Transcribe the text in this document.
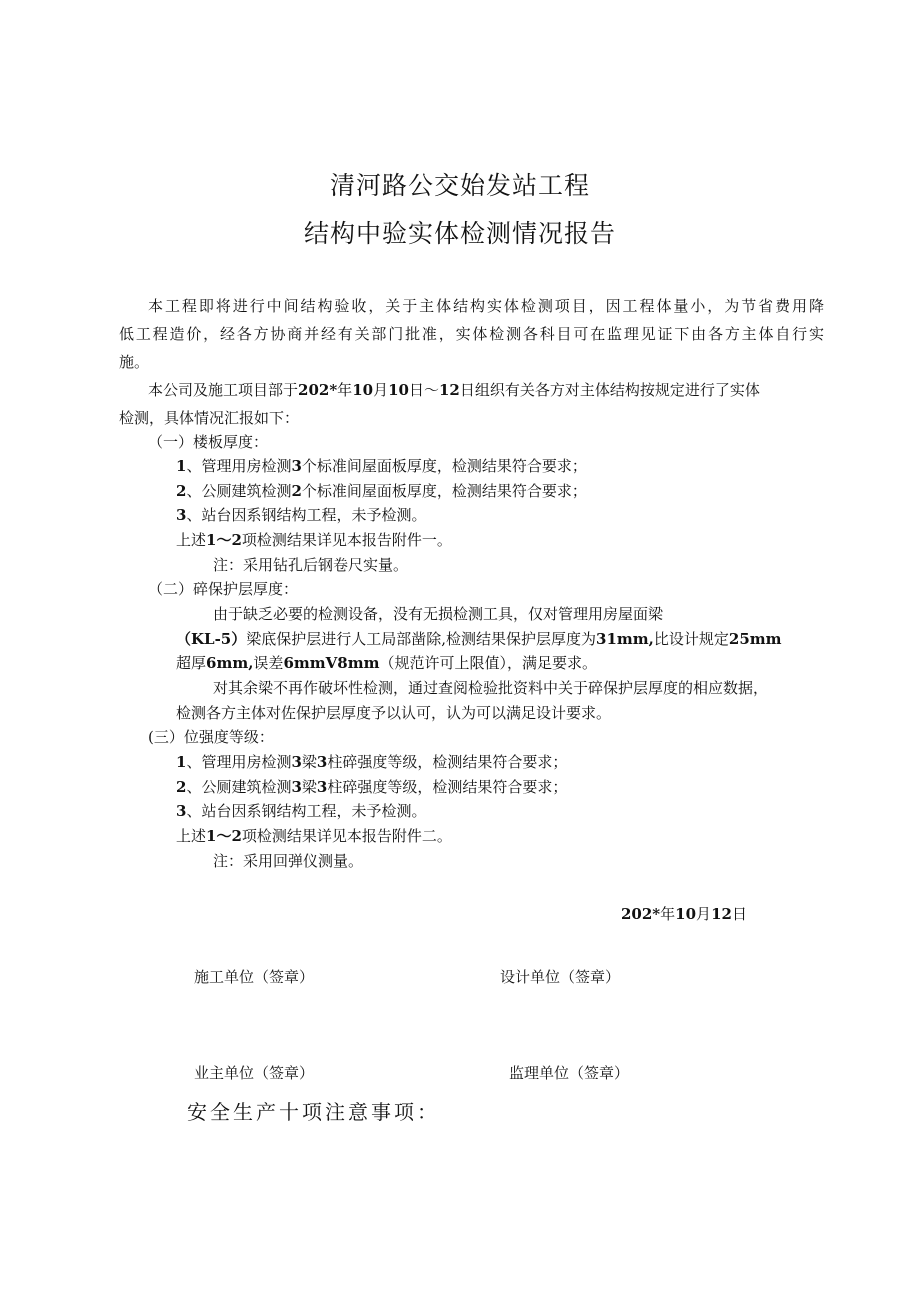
清河路公交始发站工程
结构中验实体检测情况报告
本工程即将进行中间结构验收，关于主体结构实体检测项目，因工程体量小，为节省费用降
低工程造价，经各方协商并经有关部门批准，实体检测各科目可在监理见证下由各方主体自行实
施。
本公司及施工项目部于202*年10月10日～12日组织有关各方对主体结构按规定进行了实体
检测，具体情况汇报如下：
（一）楼板厚度：
1、管理用房检测3个标准间屋面板厚度，检测结果符合要求；
2、公厕建筑检测2个标准间屋面板厚度，检测结果符合要求；
3、站台因系钢结构工程，未予检测。
上述1～2项检测结果详见本报告附件一。
注：采用钻孔后钢卷尺实量。
（二）碎保护层厚度：
由于缺乏必要的检测设备，没有无损检测工具，仅对管理用房屋面梁
（KL-5）梁底保护层进行人工局部凿除,检测结果保护层厚度为31mm,比设计规定25mm
超厚6mm,误差6mmV8mm（规范许可上限值），满足要求。
对其余梁不再作破坏性检测，通过查阅检验批资料中关于碎保护层厚度的相应数据，
检测各方主体对佐保护层厚度予以认可，认为可以满足设计要求。
(三）位强度等级：
1、管理用房检测3梁3柱碎强度等级，检测结果符合要求；
2、公厕建筑检测3梁3柱碎强度等级，检测结果符合要求；
3、站台因系钢结构工程，未予检测。
上述1～2项检测结果详见本报告附件二。
注：采用回弹仪测量。
202*年10月12日
施工单位（签章）	设计单位（签章）
业主单位（签章）	监理单位（签章）
安全生产十项注意事项：
